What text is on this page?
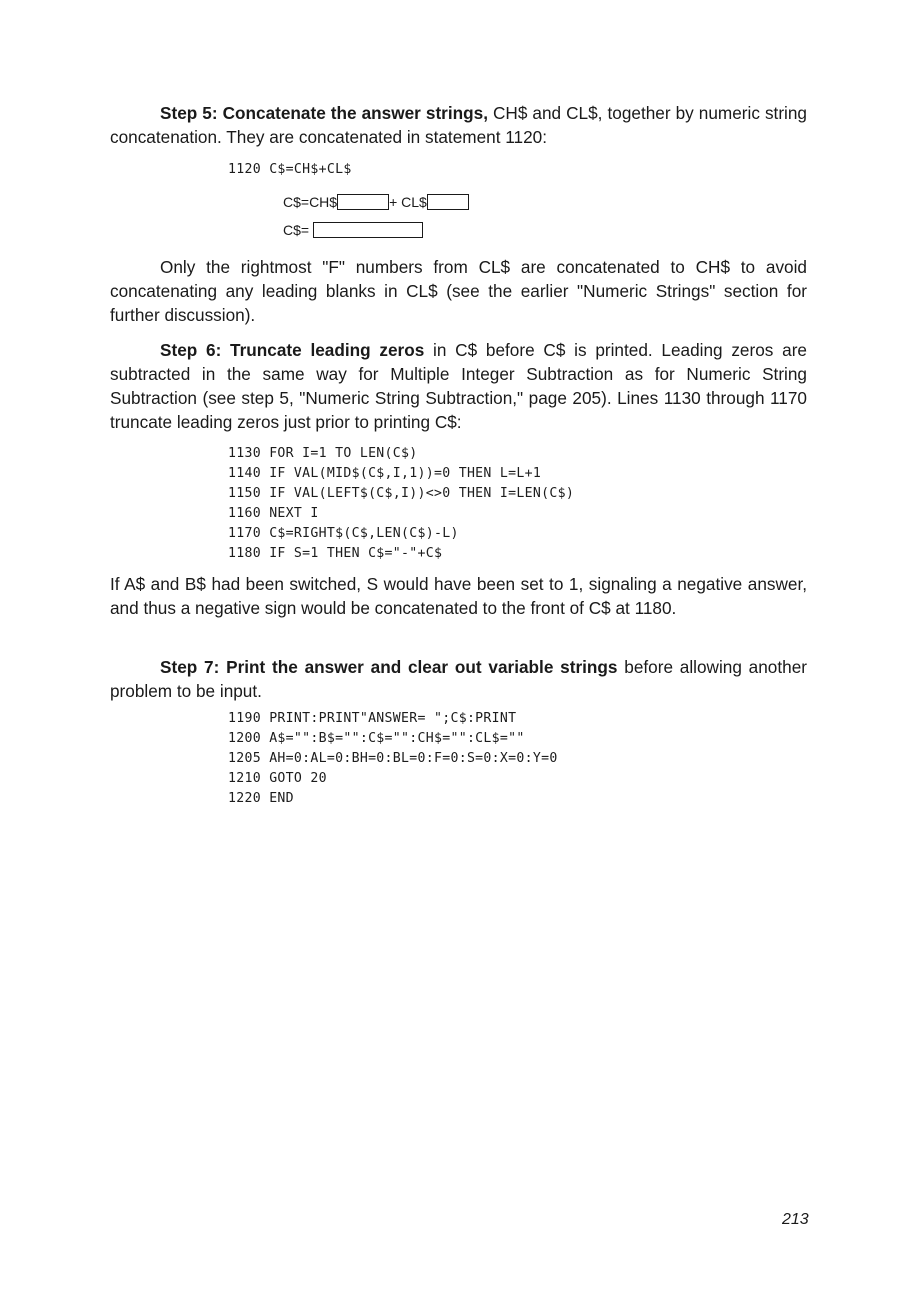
Step 5: Concatenate the answer strings, CH$ and CL$, together by numeric string concatenation. They are concatenated in statement 1120:

1120 C$=CH$+CL$
C$=CH$	+ CL$
C$=

Only the rightmost "F" numbers from CL$ are concatenated to CH$ to avoid concatenating any leading blanks in CL$ (see the earlier "Numeric Strings" section for further discussion).

Step 6: Truncate leading zeros in C$ before C$ is printed. Leading zeros are subtracted in the same way for Multiple Integer Subtraction as for Numeric String Subtraction (see step 5, "Numeric String Subtraction," page 205). Lines 1130 through 1170 truncate leading zeros just prior to printing C$:

1130 FOR I=1 TO LEN(C$)
1140 IF VAL(MID$(C$,I,1))=0 THEN L=L+1
1150 IF VAL(LEFT$(C$,I))<>0 THEN I=LEN(C$)
1160 NEXT I
1170 C$=RIGHT$(C$,LEN(C$)-L)
1180 IF S=1 THEN C$="-"+C$

If A$ and B$ had been switched, S would have been set to 1, signaling a negative answer, and thus a negative sign would be concatenated to the front of C$ at 1180.

Step 7: Print the answer and clear out variable strings before allowing another problem to be input.

1190 PRINT:PRINT"ANSWER= ";C$:PRINT
1200 A$="":B$="":C$="":CH$="":CL$=""
1205 AH=0:AL=0:BH=0:BL=0:F=0:S=0:X=0:Y=0
1210 GOTO 20
1220 END
213
